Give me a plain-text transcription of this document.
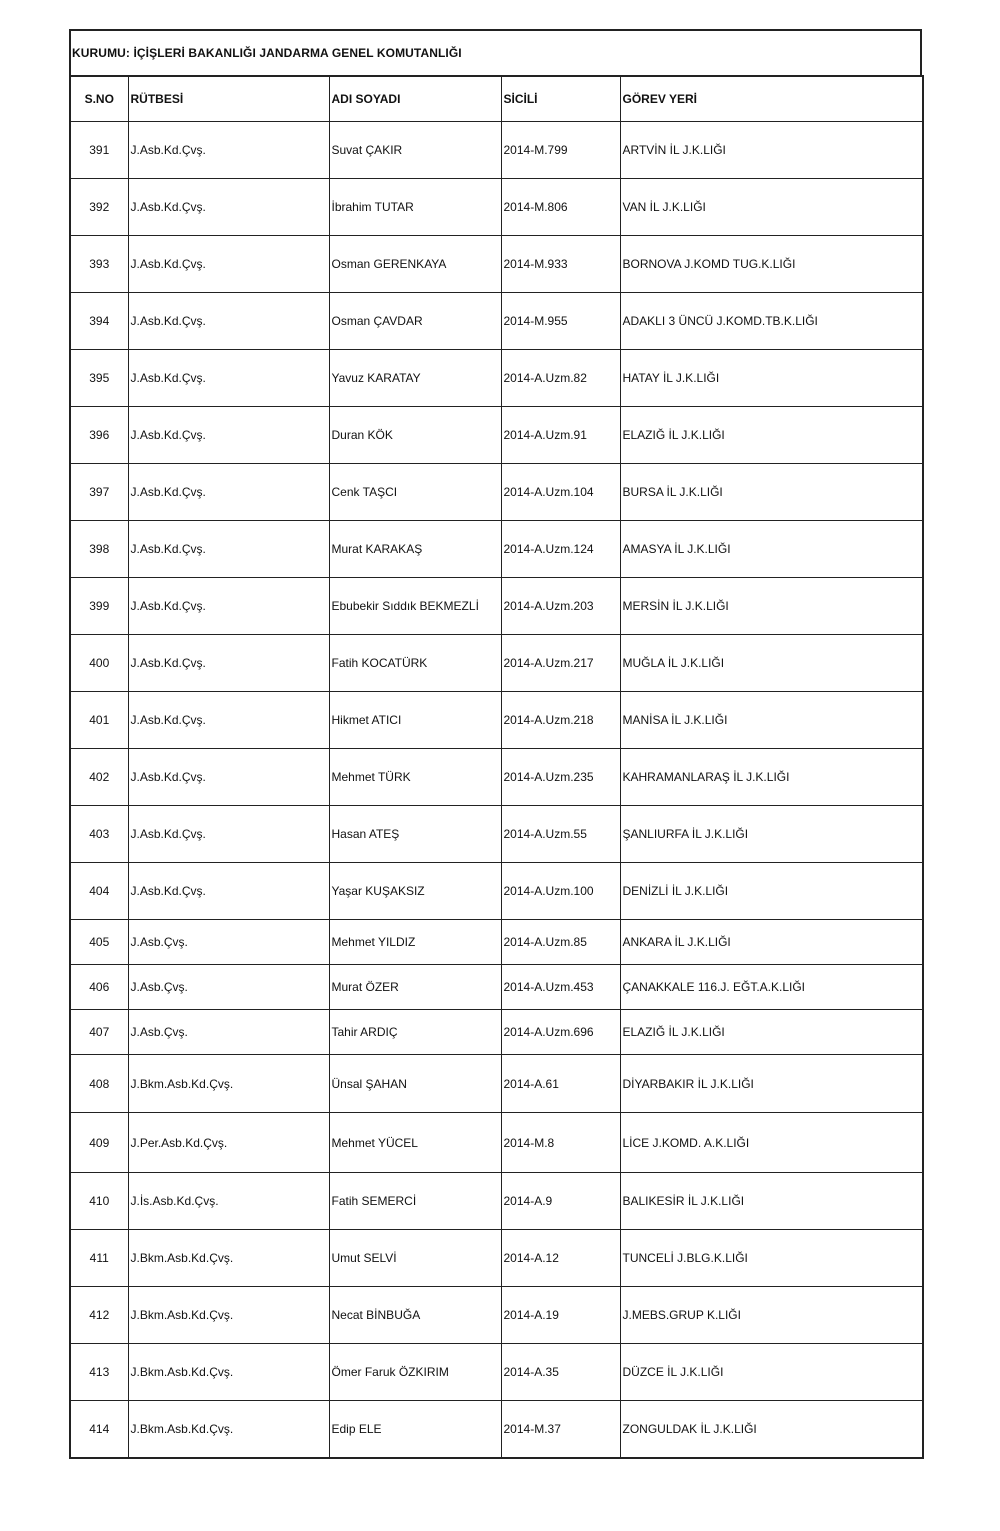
KURUMU: İÇİŞLERİ BAKANLIĞI JANDARMA GENEL KOMUTANLIĞI
S.NO	RÜTBESİ	ADI SOYADI	SİCİLİ	GÖREV YERİ
391	J.Asb.Kd.Çvş.	Suvat ÇAKIR	2014-M.799	ARTVİN İL J.K.LIĞI
392	J.Asb.Kd.Çvş.	İbrahim TUTAR	2014-M.806	VAN İL J.K.LIĞI
393	J.Asb.Kd.Çvş.	Osman GERENKAYA	2014-M.933	BORNOVA J.KOMD TUG.K.LIĞI
394	J.Asb.Kd.Çvş.	Osman ÇAVDAR	2014-M.955	ADAKLI 3 ÜNCÜ J.KOMD.TB.K.LIĞI
395	J.Asb.Kd.Çvş.	Yavuz KARATAY	2014-A.Uzm.82	HATAY İL J.K.LIĞI
396	J.Asb.Kd.Çvş.	Duran KÖK	2014-A.Uzm.91	ELAZIĞ İL J.K.LIĞI
397	J.Asb.Kd.Çvş.	Cenk TAŞCI	2014-A.Uzm.104	BURSA İL J.K.LIĞI
398	J.Asb.Kd.Çvş.	Murat KARAKAŞ	2014-A.Uzm.124	AMASYA İL J.K.LIĞI
399	J.Asb.Kd.Çvş.	Ebubekir Sıddık BEKMEZLİ	2014-A.Uzm.203	MERSİN İL J.K.LIĞI
400	J.Asb.Kd.Çvş.	Fatih KOCATÜRK	2014-A.Uzm.217	MUĞLA İL J.K.LIĞI
401	J.Asb.Kd.Çvş.	Hikmet ATICI	2014-A.Uzm.218	MANİSA İL J.K.LIĞI
402	J.Asb.Kd.Çvş.	Mehmet TÜRK	2014-A.Uzm.235	KAHRAMANLARAŞ İL J.K.LIĞI
403	J.Asb.Kd.Çvş.	Hasan ATEŞ	2014-A.Uzm.55	ŞANLIURFA İL J.K.LIĞI
404	J.Asb.Kd.Çvş.	Yaşar KUŞAKSIZ	2014-A.Uzm.100	DENİZLİ İL J.K.LIĞI
405	J.Asb.Çvş.	Mehmet YILDIZ	2014-A.Uzm.85	ANKARA İL J.K.LIĞI
406	J.Asb.Çvş.	Murat ÖZER	2014-A.Uzm.453	ÇANAKKALE 116.J. EĞT.A.K.LIĞI
407	J.Asb.Çvş.	Tahir ARDIÇ	2014-A.Uzm.696	ELAZIĞ İL J.K.LIĞI
408	J.Bkm.Asb.Kd.Çvş.	Ünsal ŞAHAN	2014-A.61	DİYARBAKIR İL J.K.LIĞI
409	J.Per.Asb.Kd.Çvş.	Mehmet YÜCEL	2014-M.8	LİCE J.KOMD. A.K.LIĞI
410	J.İs.Asb.Kd.Çvş.	Fatih SEMERCİ	2014-A.9	BALIKESİR İL J.K.LIĞI
411	J.Bkm.Asb.Kd.Çvş.	Umut SELVİ	2014-A.12	TUNCELİ J.BLG.K.LIĞI
412	J.Bkm.Asb.Kd.Çvş.	Necat BİNBUĞA	2014-A.19	J.MEBS.GRUP K.LIĞI
413	J.Bkm.Asb.Kd.Çvş.	Ömer Faruk ÖZKIRIM	2014-A.35	DÜZCE İL J.K.LIĞI
414	J.Bkm.Asb.Kd.Çvş.	Edip ELE	2014-M.37	ZONGULDAK İL J.K.LIĞI
